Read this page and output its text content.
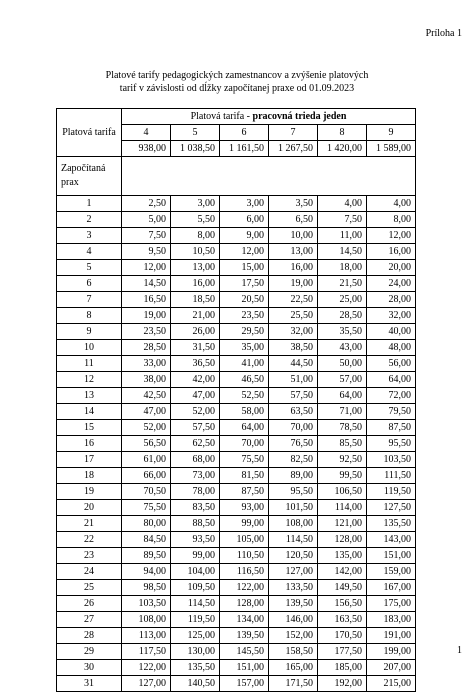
Príloha 1
Platové tarify pedagogických zamestnancov a zvýšenie platových
tarif v závislosti od dĺžky započítanej praxe od 01.09.2023
Platová tarifa	Platová tarifa - pracovná trieda jeden					
	4	5	6	7	8	9
	938,00	1 038,50	1 161,50	1 267,50	1 420,00	1 589,00
Započítaná prax						
1	2,50	3,00	3,00	3,50	4,00	4,00
2	5,00	5,50	6,00	6,50	7,50	8,00
3	7,50	8,00	9,00	10,00	11,00	12,00
4	9,50	10,50	12,00	13,00	14,50	16,00
5	12,00	13,00	15,00	16,00	18,00	20,00
6	14,50	16,00	17,50	19,00	21,50	24,00
7	16,50	18,50	20,50	22,50	25,00	28,00
8	19,00	21,00	23,50	25,50	28,50	32,00
9	23,50	26,00	29,50	32,00	35,50	40,00
10	28,50	31,50	35,00	38,50	43,00	48,00
11	33,00	36,50	41,00	44,50	50,00	56,00
12	38,00	42,00	46,50	51,00	57,00	64,00
13	42,50	47,00	52,50	57,50	64,00	72,00
14	47,00	52,00	58,00	63,50	71,00	79,50
15	52,00	57,50	64,00	70,00	78,50	87,50
16	56,50	62,50	70,00	76,50	85,50	95,50
17	61,00	68,00	75,50	82,50	92,50	103,50
18	66,00	73,00	81,50	89,00	99,50	111,50
19	70,50	78,00	87,50	95,50	106,50	119,50
20	75,50	83,50	93,00	101,50	114,00	127,50
21	80,00	88,50	99,00	108,00	121,00	135,50
22	84,50	93,50	105,00	114,50	128,00	143,00
23	89,50	99,00	110,50	120,50	135,00	151,00
24	94,00	104,00	116,50	127,00	142,00	159,00
25	98,50	109,50	122,00	133,50	149,50	167,00
26	103,50	114,50	128,00	139,50	156,50	175,00
27	108,00	119,50	134,00	146,00	163,50	183,00
28	113,00	125,00	139,50	152,00	170,50	191,00
29	117,50	130,00	145,50	158,50	177,50	199,00
30	122,00	135,50	151,00	165,00	185,00	207,00
31	127,00	140,50	157,00	171,50	192,00	215,00
1
